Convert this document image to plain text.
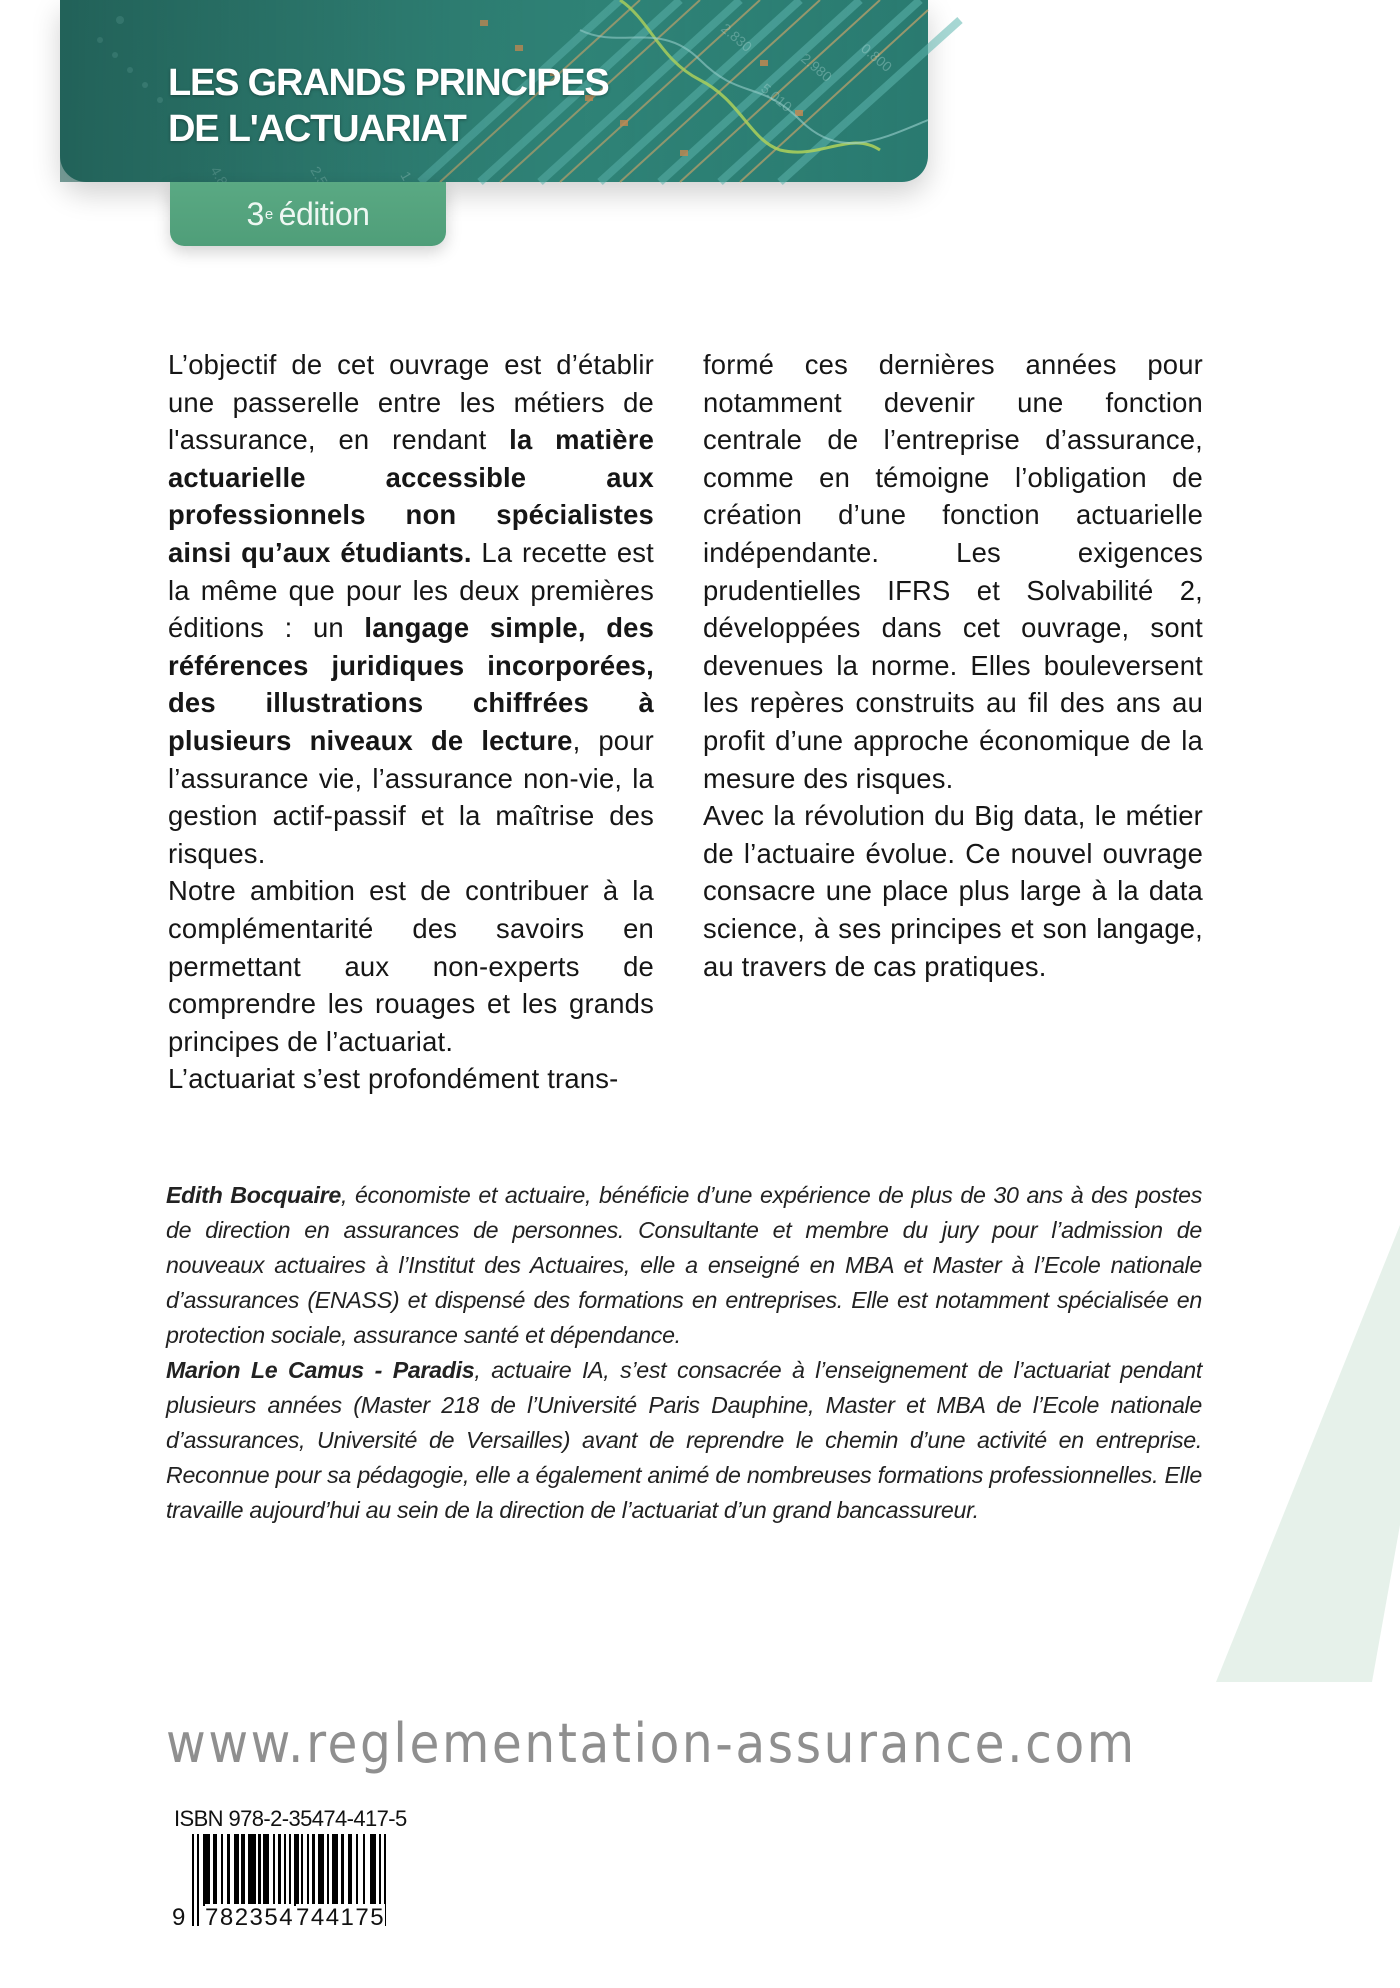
LES GRANDS PRINCIPES
DE L'ACTUARIAT
3 e édition

L’objectif de cet ouvrage est d’établir une passerelle entre les métiers de l'assurance, en rendant la matière actuarielle accessible aux professionnels non spécialistes ainsi qu’aux étudiants. La recette est la même que pour les deux premières éditions : un langage simple, des références juridiques incorporées, des illustrations chiffrées à plusieurs niveaux de lecture, pour l’assurance vie, l’assurance non-vie, la gestion actif-passif et la maîtrise des risques.

Notre ambition est de contribuer à la complémentarité des savoirs en permettant aux non-experts de comprendre les rouages et les grands principes de l’actuariat.

L’actuariat s’est profondément trans-

formé ces dernières années pour notamment devenir une fonction centrale de l’entreprise d’assurance, comme en témoigne l’obligation de création d’une fonction actuarielle indépendante. Les exigences prudentielles IFRS et Solvabilité 2, développées dans cet ouvrage, sont devenues la norme. Elles bouleversent les repères construits au fil des ans au profit d’une approche économique de la mesure des risques.

Avec la révolution du Big data, le métier de l’actuaire évolue. Ce nouvel ouvrage consacre une place plus large à la data science, à ses principes et son langage, au travers de cas pratiques.

Edith Bocquaire, économiste et actuaire, bénéficie d’une expérience de plus de 30 ans à des postes de direction en assurances de personnes. Consultante et membre du jury pour l’admission de nouveaux actuaires à l’Institut des Actuaires, elle a enseigné en MBA et Master à l’Ecole nationale d’assurances (ENASS) et dispensé des formations en entreprises. Elle est notamment spécialisée en protection sociale, assurance santé et dépendance.

Marion Le Camus - Paradis, actuaire IA, s’est consacrée à l’enseignement de l’actuariat pendant plusieurs années (Master 218 de l’Université Paris Dauphine, Master et MBA de l’Ecole nationale d’assurances, Université de Versailles) avant de reprendre le chemin d’une activité en entreprise. Reconnue pour sa pédagogie, elle a également animé de nombreuses formations professionnelles. Elle travaille aujourd’hui au sein de la direction de l’actuariat d’un grand bancassureur.

www.reglementation-assurance.com
ISBN 978-2-35474-417-5
9 782354 744175
